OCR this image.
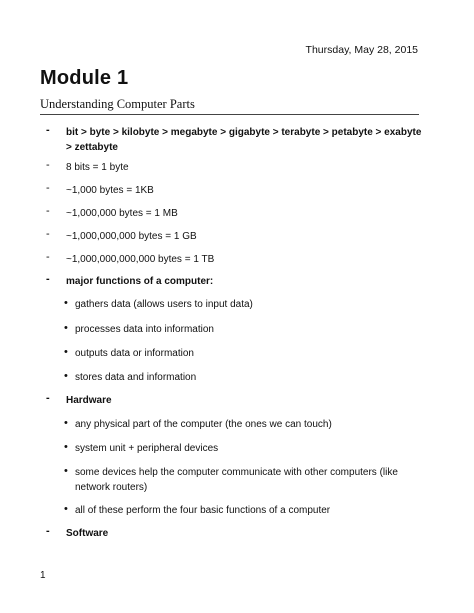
Thursday, May 28, 2015
Module 1
Understanding Computer Parts
- bit > byte > kilobyte > megabyte > gigabyte > terabyte > petabyte > exabyte > zettabyte
- 8 bits = 1 byte
- ~1,000 bytes = 1KB
- ~1,000,000 bytes = 1 MB
- ~1,000,000,000 bytes = 1 GB
- ~1,000,000,000,000 bytes = 1 TB
- major functions of a computer:
• gathers data (allows users to input data)
• processes data into information
• outputs data or information
• stores data and information
- Hardware
• any physical part of the computer (the ones we can touch)
• system unit + peripheral devices
• some devices help the computer communicate with other computers (like network routers)
• all of these perform the four basic functions of a computer
- Software
1
